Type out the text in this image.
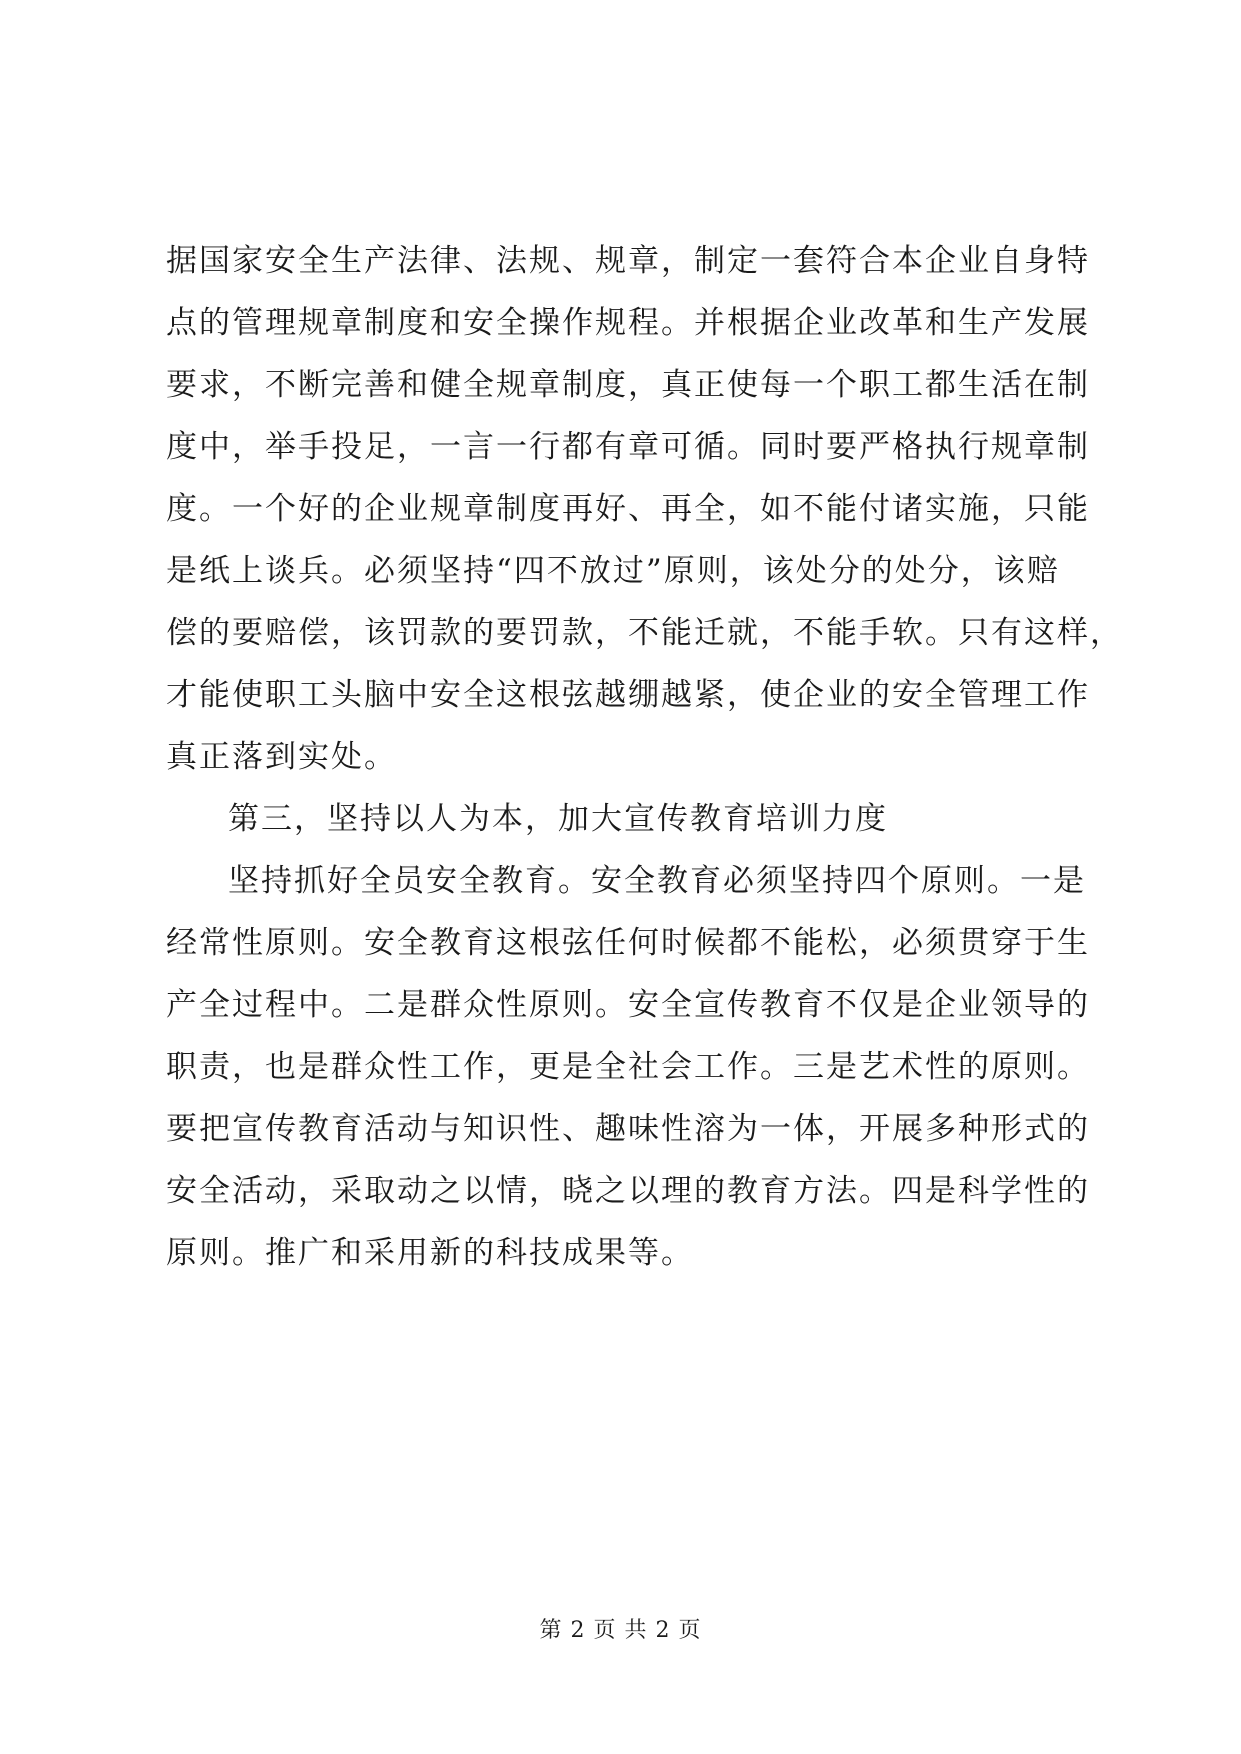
据国家安全生产法律、法规、规章，制定一套符合本企业自身特
点的管理规章制度和安全操作规程。并根据企业改革和生产发展
要求，不断完善和健全规章制度，真正使每一个职工都生活在制
度中，举手投足，一言一行都有章可循。同时要严格执行规章制
度。一个好的企业规章制度再好、再全，如不能付诸实施，只能
是纸上谈兵。必须坚持“四不放过”原则，该处分的处分，该赔
偿的要赔偿，该罚款的要罚款，不能迁就，不能手软。只有这样，
才能使职工头脑中安全这根弦越绷越紧，使企业的安全管理工作
真正落到实处。
第三，坚持以人为本，加大宣传教育培训力度
坚持抓好全员安全教育。安全教育必须坚持四个原则。一是
经常性原则。安全教育这根弦任何时候都不能松，必须贯穿于生
产全过程中。二是群众性原则。安全宣传教育不仅是企业领导的
职责，也是群众性工作，更是全社会工作。三是艺术性的原则。
要把宣传教育活动与知识性、趣味性溶为一体，开展多种形式的
安全活动，采取动之以情，晓之以理的教育方法。四是科学性的
原则。推广和采用新的科技成果等。
第 2 页 共 2 页
